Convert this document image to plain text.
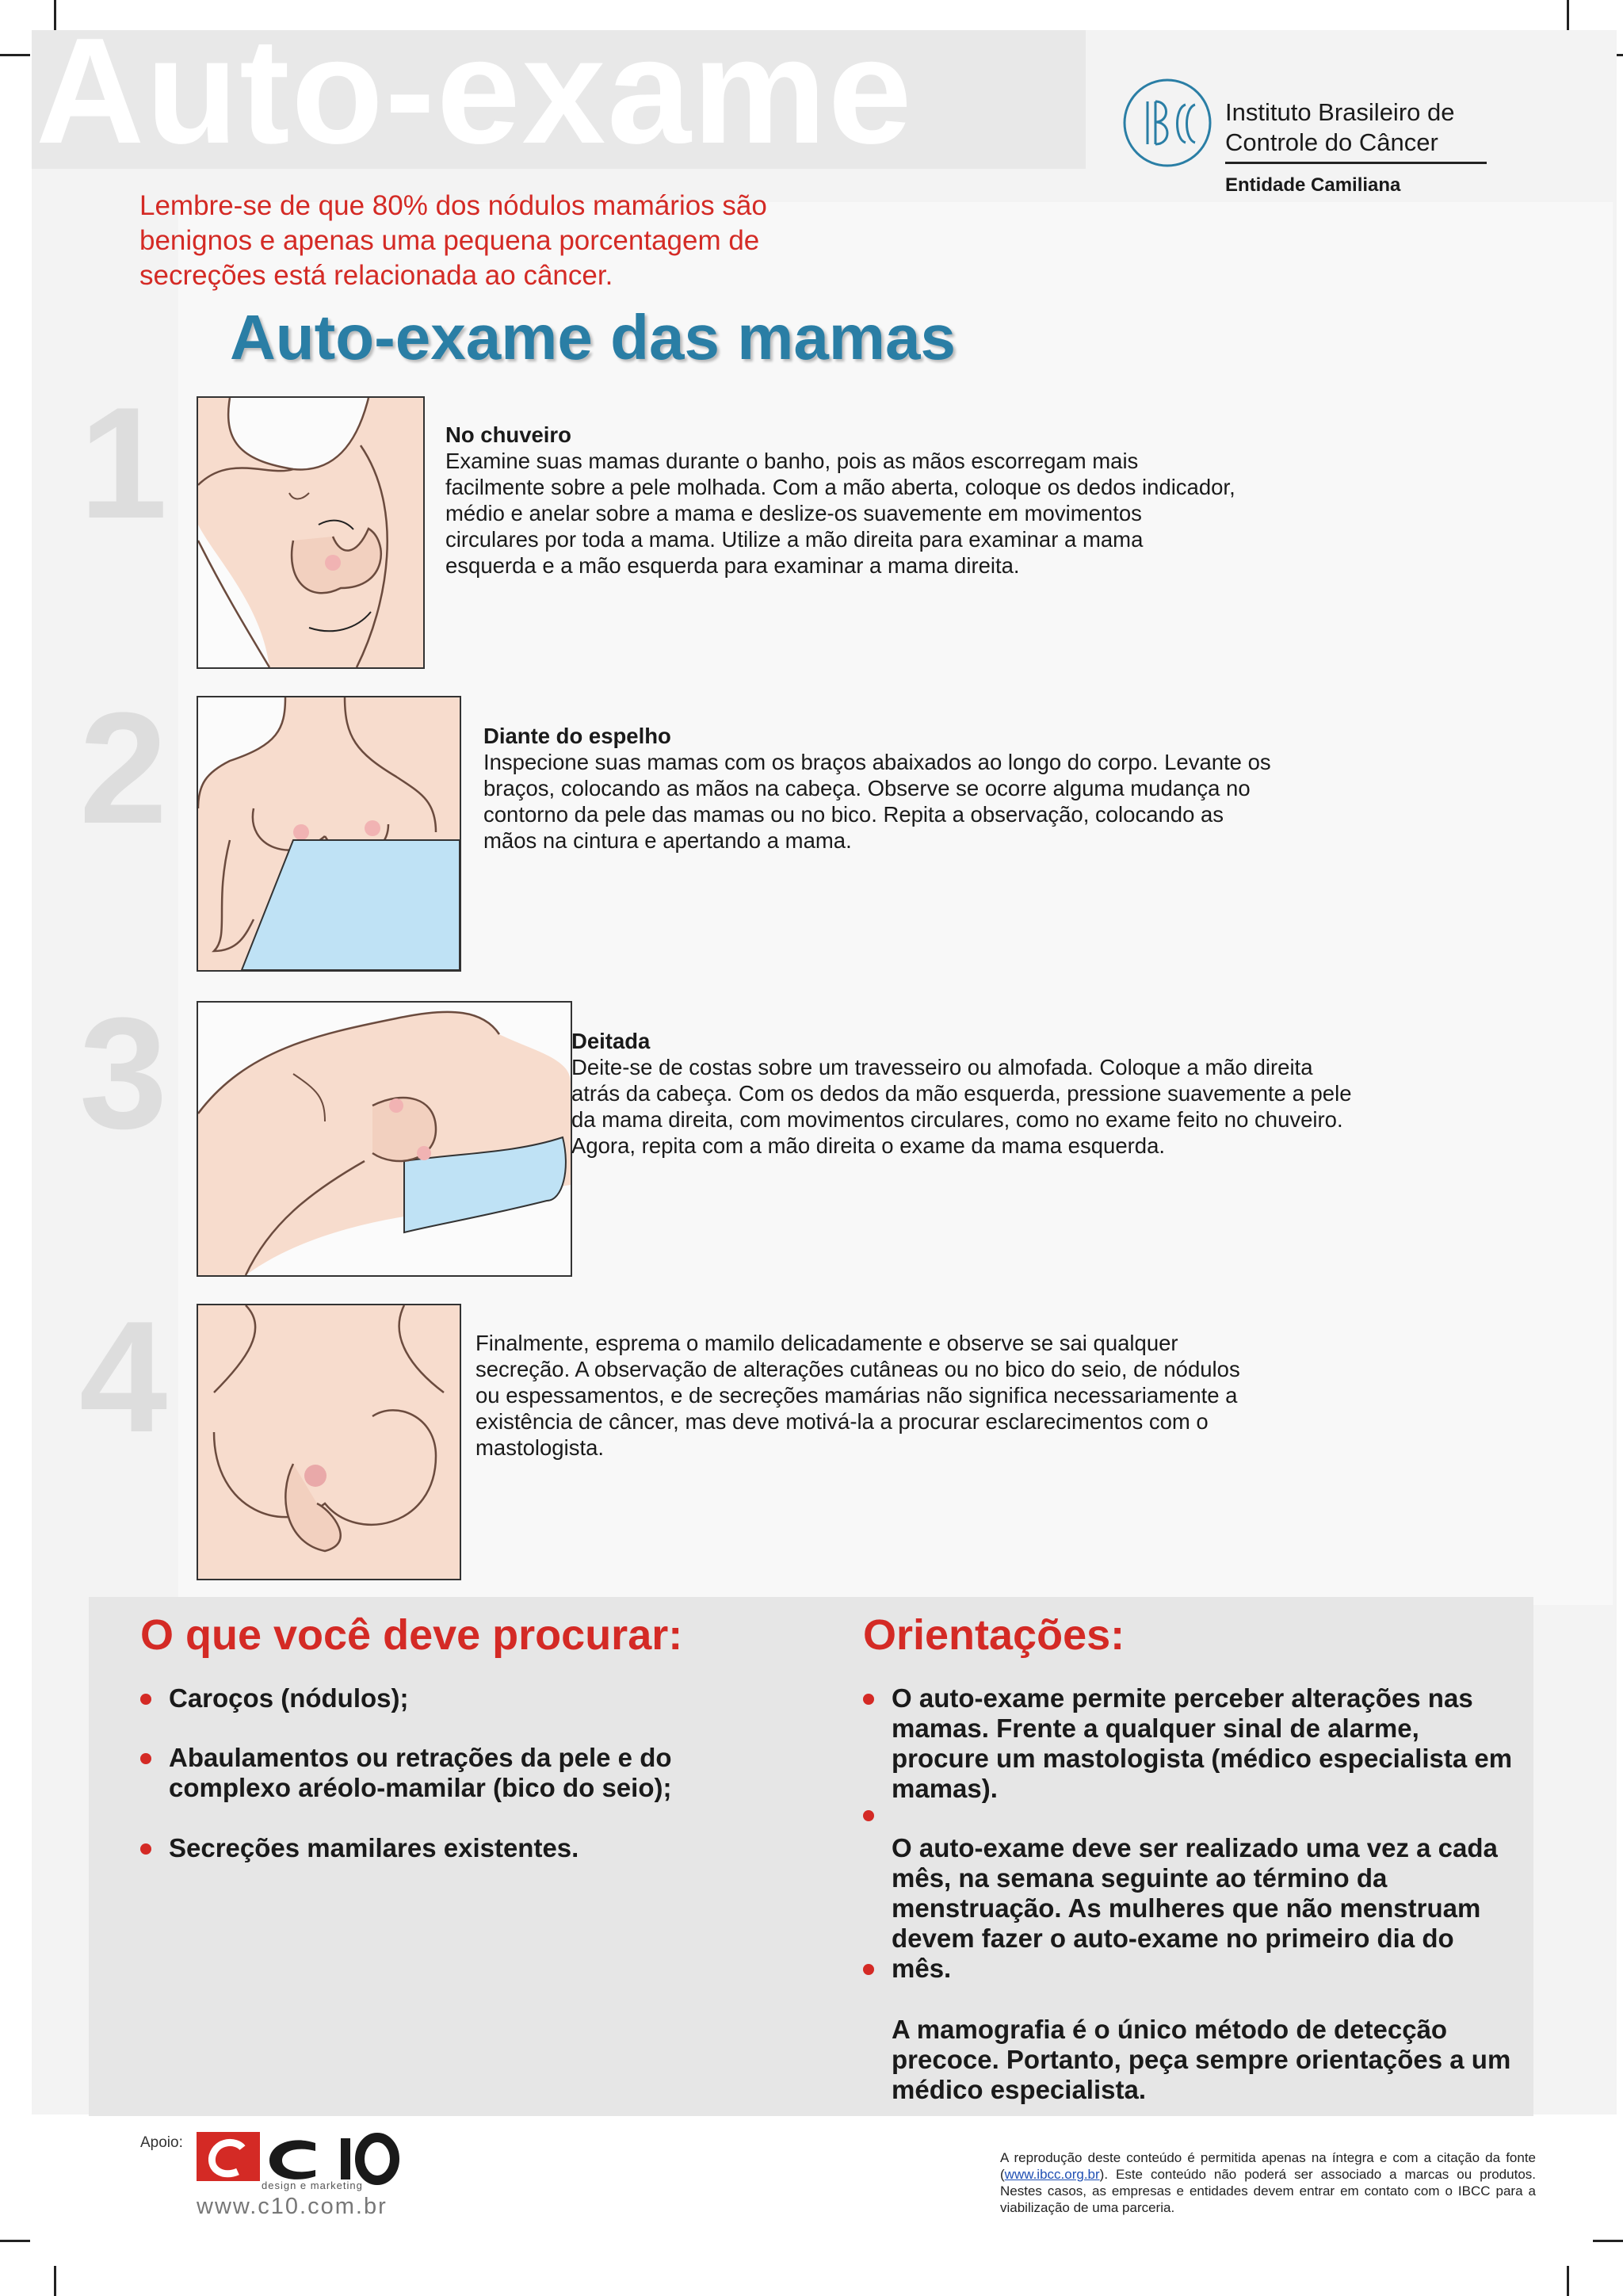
Auto-exame	Instituto Brasileiro de
Controle do Câncer
Entidade Camiliana
Lembre-se de que 80% dos nódulos mamários são benignos e apenas uma pequena porcentagem de secreções está relacionada ao câncer.
Auto-exame das mamas
1	No chuveiro
Examine suas mamas durante o banho, pois as mãos escorregam mais facilmente sobre a pele molhada. Com a mão aberta, coloque os dedos indicador, médio e anelar sobre a mama e deslize-os suavemente em movimentos circulares por toda a mama. Utilize a mão direita para examinar a mama esquerda e a mão esquerda para examinar a mama direita.
2	Diante do espelho
Inspecione suas mamas com os braços abaixados ao longo do corpo. Levante os braços, colocando as mãos na cabeça. Observe se ocorre alguma mudança no contorno da pele das mamas ou no bico. Repita a observação, colocando as mãos na cintura e apertando a mama.
3	Deitada
Deite-se de costas sobre um travesseiro ou almofada. Coloque a mão direita atrás da cabeça. Com os dedos da mão esquerda, pressione suavemente a pele da mama direita, com movimentos circulares, como no exame feito no chuveiro. Agora, repita com a mão direita o exame da mama esquerda.
4	Finalmente, esprema o mamilo delicadamente e observe se sai qualquer secreção. A observação de alterações cutâneas ou no bico do seio, de nódulos ou espessamentos, e de secreções mamárias não significa necessariamente a existência de câncer, mas deve motivá-la a procurar esclarecimentos com o mastologista.
O que você deve procurar:
Caroços (nódulos);
Abaulamentos ou retrações da pele e do complexo aréolo-mamilar (bico do seio);
Secreções mamilares existentes.
Orientações:
O auto-exame permite perceber alterações nas mamas. Frente a qualquer sinal de alarme, procure um mastologista (médico especialista em mamas).
O auto-exame deve ser realizado uma vez a cada mês, na semana seguinte ao término da menstruação. As mulheres que não menstruam devem fazer o auto-exame no primeiro dia do mês.
A mamografia é o único método de detecção precoce. Portanto, peça sempre orientações a um médico especialista.
Apoio:
design e marketing
www.c10.com.br
A reprodução deste conteúdo é permitida apenas na íntegra e com a citação da fonte (www.ibcc.org.br). Este conteúdo não poderá ser associado a marcas ou produtos. Nestes casos, as empresas e entidades devem entrar em contato com o IBCC para a viabilização de uma parceria.
